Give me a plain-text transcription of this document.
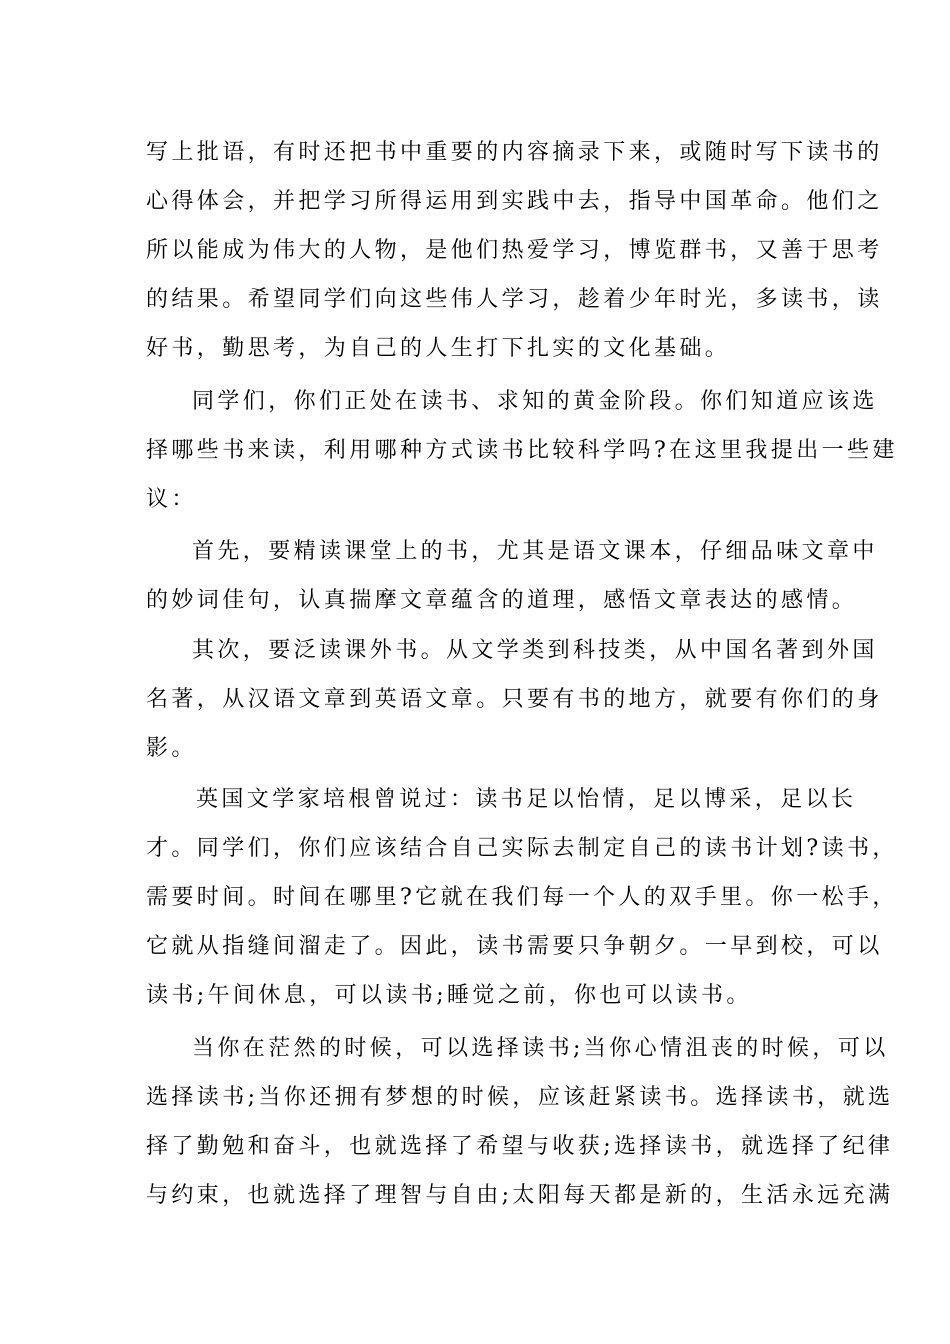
写上批语，有时还把书中重要的内容摘录下来，或随时写下读书的
心得体会，并把学习所得运用到实践中去，指导中国革命。他们之
所以能成为伟大的人物，是他们热爱学习，博览群书，又善于思考
的结果。希望同学们向这些伟人学习，趁着少年时光，多读书，读
好书，勤思考，为自己的人生打下扎实的文化基础。
同学们，你们正处在读书、求知的黄金阶段。你们知道应该选
择哪些书来读，利用哪种方式读书比较科学吗?在这里我提出一些建
议：
首先，要精读课堂上的书，尤其是语文课本，仔细品味文章中
的妙词佳句，认真揣摩文章蕴含的道理，感悟文章表达的感情。
其次，要泛读课外书。从文学类到科技类，从中国名著到外国
名著，从汉语文章到英语文章。只要有书的地方，就要有你们的身
影。
英国文学家培根曾说过：读书足以怡情，足以博采，足以长
才。同学们，你们应该结合自己实际去制定自己的读书计划?读书，
需要时间。时间在哪里?它就在我们每一个人的双手里。你一松手，
它就从指缝间溜走了。因此，读书需要只争朝夕。一早到校，可以
读书;午间休息，可以读书;睡觉之前，你也可以读书。
当你在茫然的时候，可以选择读书;当你心情沮丧的时候，可以
选择读书;当你还拥有梦想的时候，应该赶紧读书。选择读书，就选
择了勤勉和奋斗，也就选择了希望与收获;选择读书，就选择了纪律
与约束，也就选择了理智与自由;太阳每天都是新的，生活永远充满
